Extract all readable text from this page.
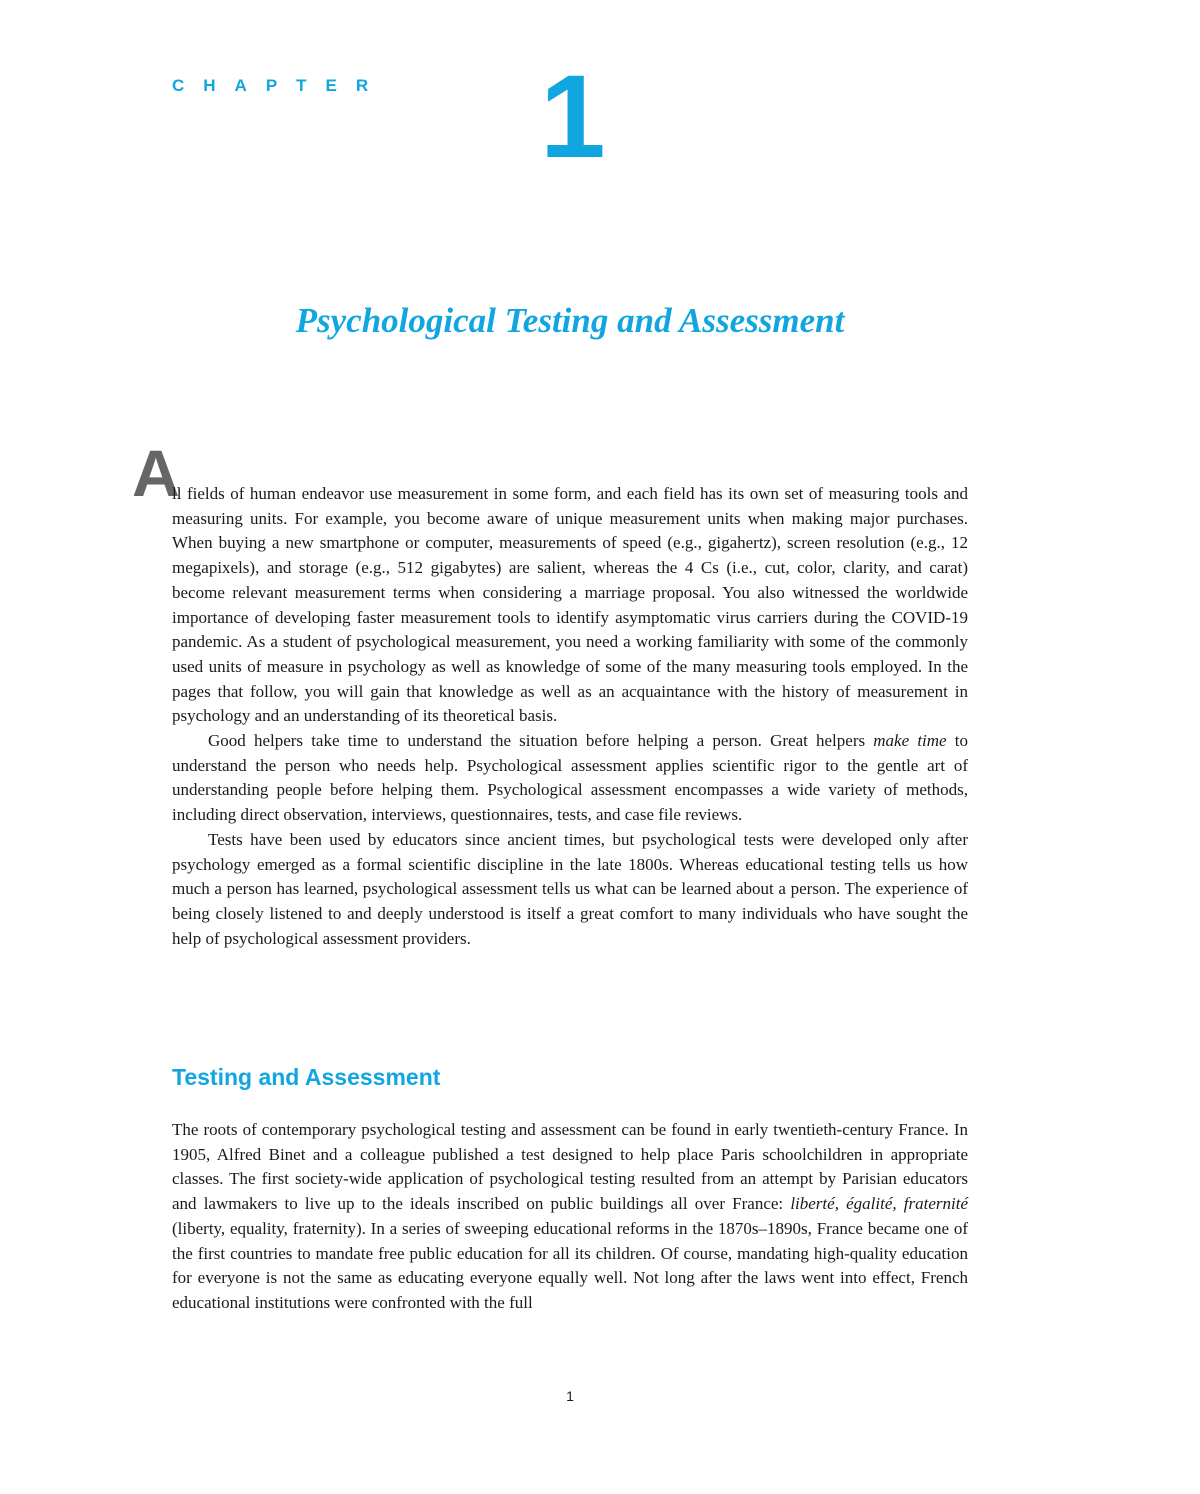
CHAPTER 1
Psychological Testing and Assessment
A

ll fields of human endeavor use measurement in some form, and each field has its own set of measuring tools and measuring units. For example, you become aware of unique measurement units when making major purchases. When buying a new smartphone or computer, measurements of speed (e.g., gigahertz), screen resolution (e.g., 12 megapixels), and storage (e.g., 512 gigabytes) are salient, whereas the 4 Cs (i.e., cut, color, clarity, and carat) become relevant measurement terms when considering a marriage proposal. You also witnessed the worldwide importance of developing faster measurement tools to identify asymptomatic virus carriers during the COVID-19 pandemic. As a student of psychological measurement, you need a working familiarity with some of the commonly used units of measure in psychology as well as knowledge of some of the many measuring tools employed. In the pages that follow, you will gain that knowledge as well as an acquaintance with the history of measurement in psychology and an understanding of its theoretical basis.

Good helpers take time to understand the situation before helping a person. Great helpers make time to understand the person who needs help. Psychological assessment applies scientific rigor to the gentle art of understanding people before helping them. Psychological assessment encompasses a wide variety of methods, including direct observation, interviews, questionnaires, tests, and case file reviews.

Tests have been used by educators since ancient times, but psychological tests were developed only after psychology emerged as a formal scientific discipline in the late 1800s. Whereas educational testing tells us how much a person has learned, psychological assessment tells us what can be learned about a person. The experience of being closely listened to and deeply understood is itself a great comfort to many individuals who have sought the help of psychological assessment providers.

Testing and Assessment

The roots of contemporary psychological testing and assessment can be found in early twentieth-century France. In 1905, Alfred Binet and a colleague published a test designed to help place Paris schoolchildren in appropriate classes. The first society-wide application of psychological testing resulted from an attempt by Parisian educators and lawmakers to live up to the ideals inscribed on public buildings all over France: liberté, égalité, fraternité (liberty, equality, fraternity). In a series of sweeping educational reforms in the 1870s–1890s, France became one of the first countries to mandate free public education for all its children. Of course, mandating high-quality education for everyone is not the same as educating everyone equally well. Not long after the laws went into effect, French educational institutions were confronted with the full

1
